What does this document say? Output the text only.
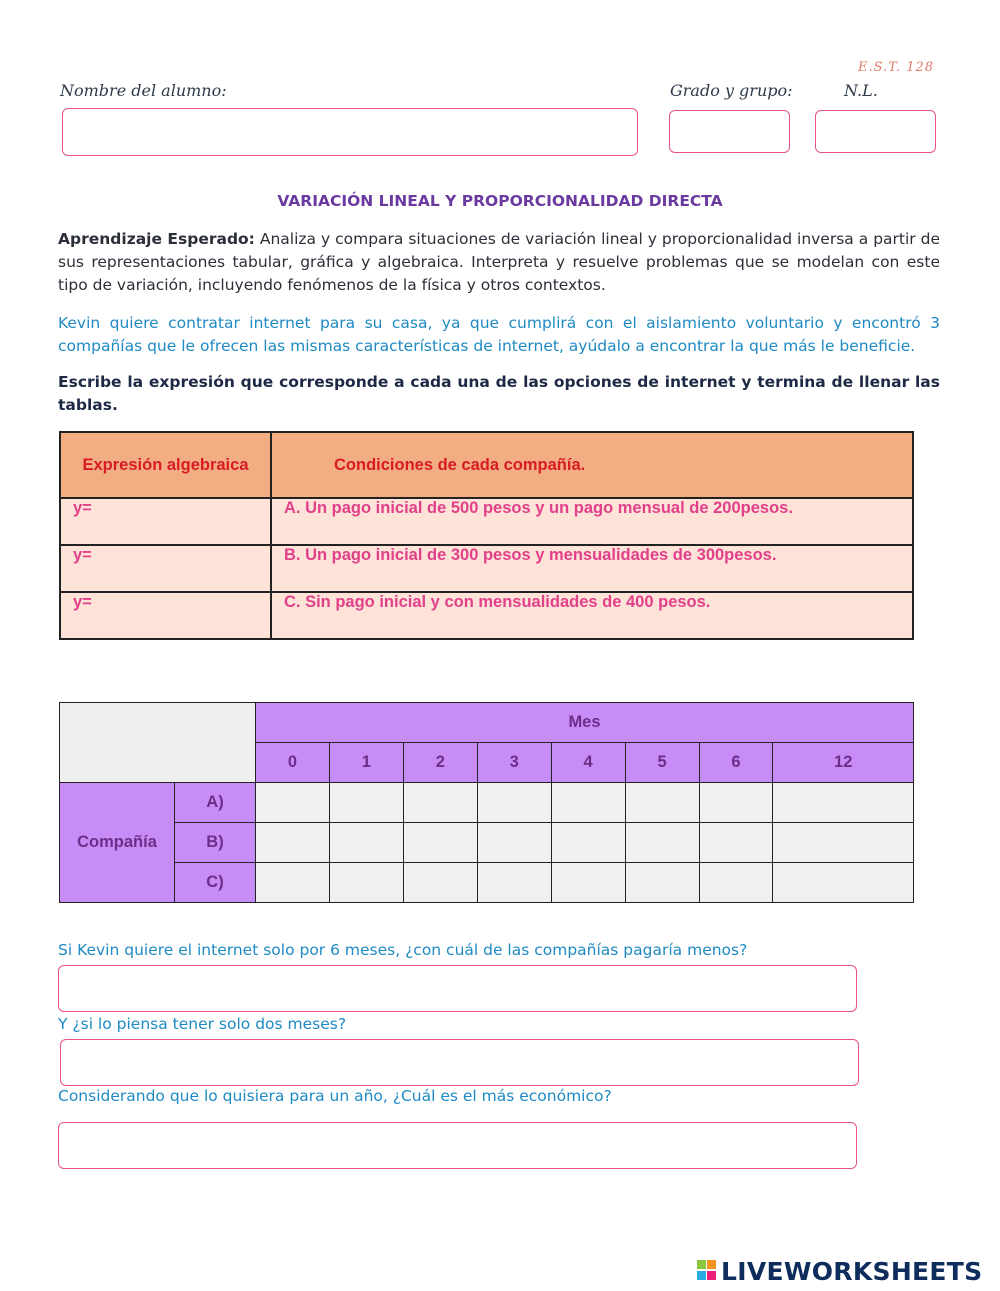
E.S.T. 128
Nombre del alumno:	Grado y grupo:	N.L.
VARIACIÓN LINEAL Y PROPORCIONALIDAD DIRECTA
Aprendizaje Esperado: Analiza y compara situaciones de variación lineal y proporcionalidad inversa a partir de sus representaciones tabular, gráfica y algebraica. Interpreta y resuelve problemas que se modelan con este tipo de variación, incluyendo fenómenos de la física y otros contextos.
Kevin quiere contratar internet para su casa, ya que cumplirá con el aislamiento voluntario y encontró 3 compañías que le ofrecen las mismas características de internet, ayúdalo a encontrar la que más le beneficie.
Escribe la expresión que corresponde a cada una de las opciones de internet y termina de llenar las tablas.
Expresión algebraica	Condiciones de cada compañía.
y=	A. Un pago inicial de 500 pesos y un pago mensual de 200pesos.
y=	B. Un pago inicial de 300 pesos y mensualidades de 300pesos.
y=	C. Sin pago inicial y con mensualidades de 400 pesos.
		Mes							
		0	1	2	3	4	5	6	12
Compañía	A)								
	B)								
	C)								
Si Kevin quiere el internet solo por 6 meses, ¿con cuál de las compañías pagaría menos?
Y ¿si lo piensa tener solo dos meses?
Considerando que lo quisiera para un año, ¿Cuál es el más económico?
LIVEWORKSHEETS
